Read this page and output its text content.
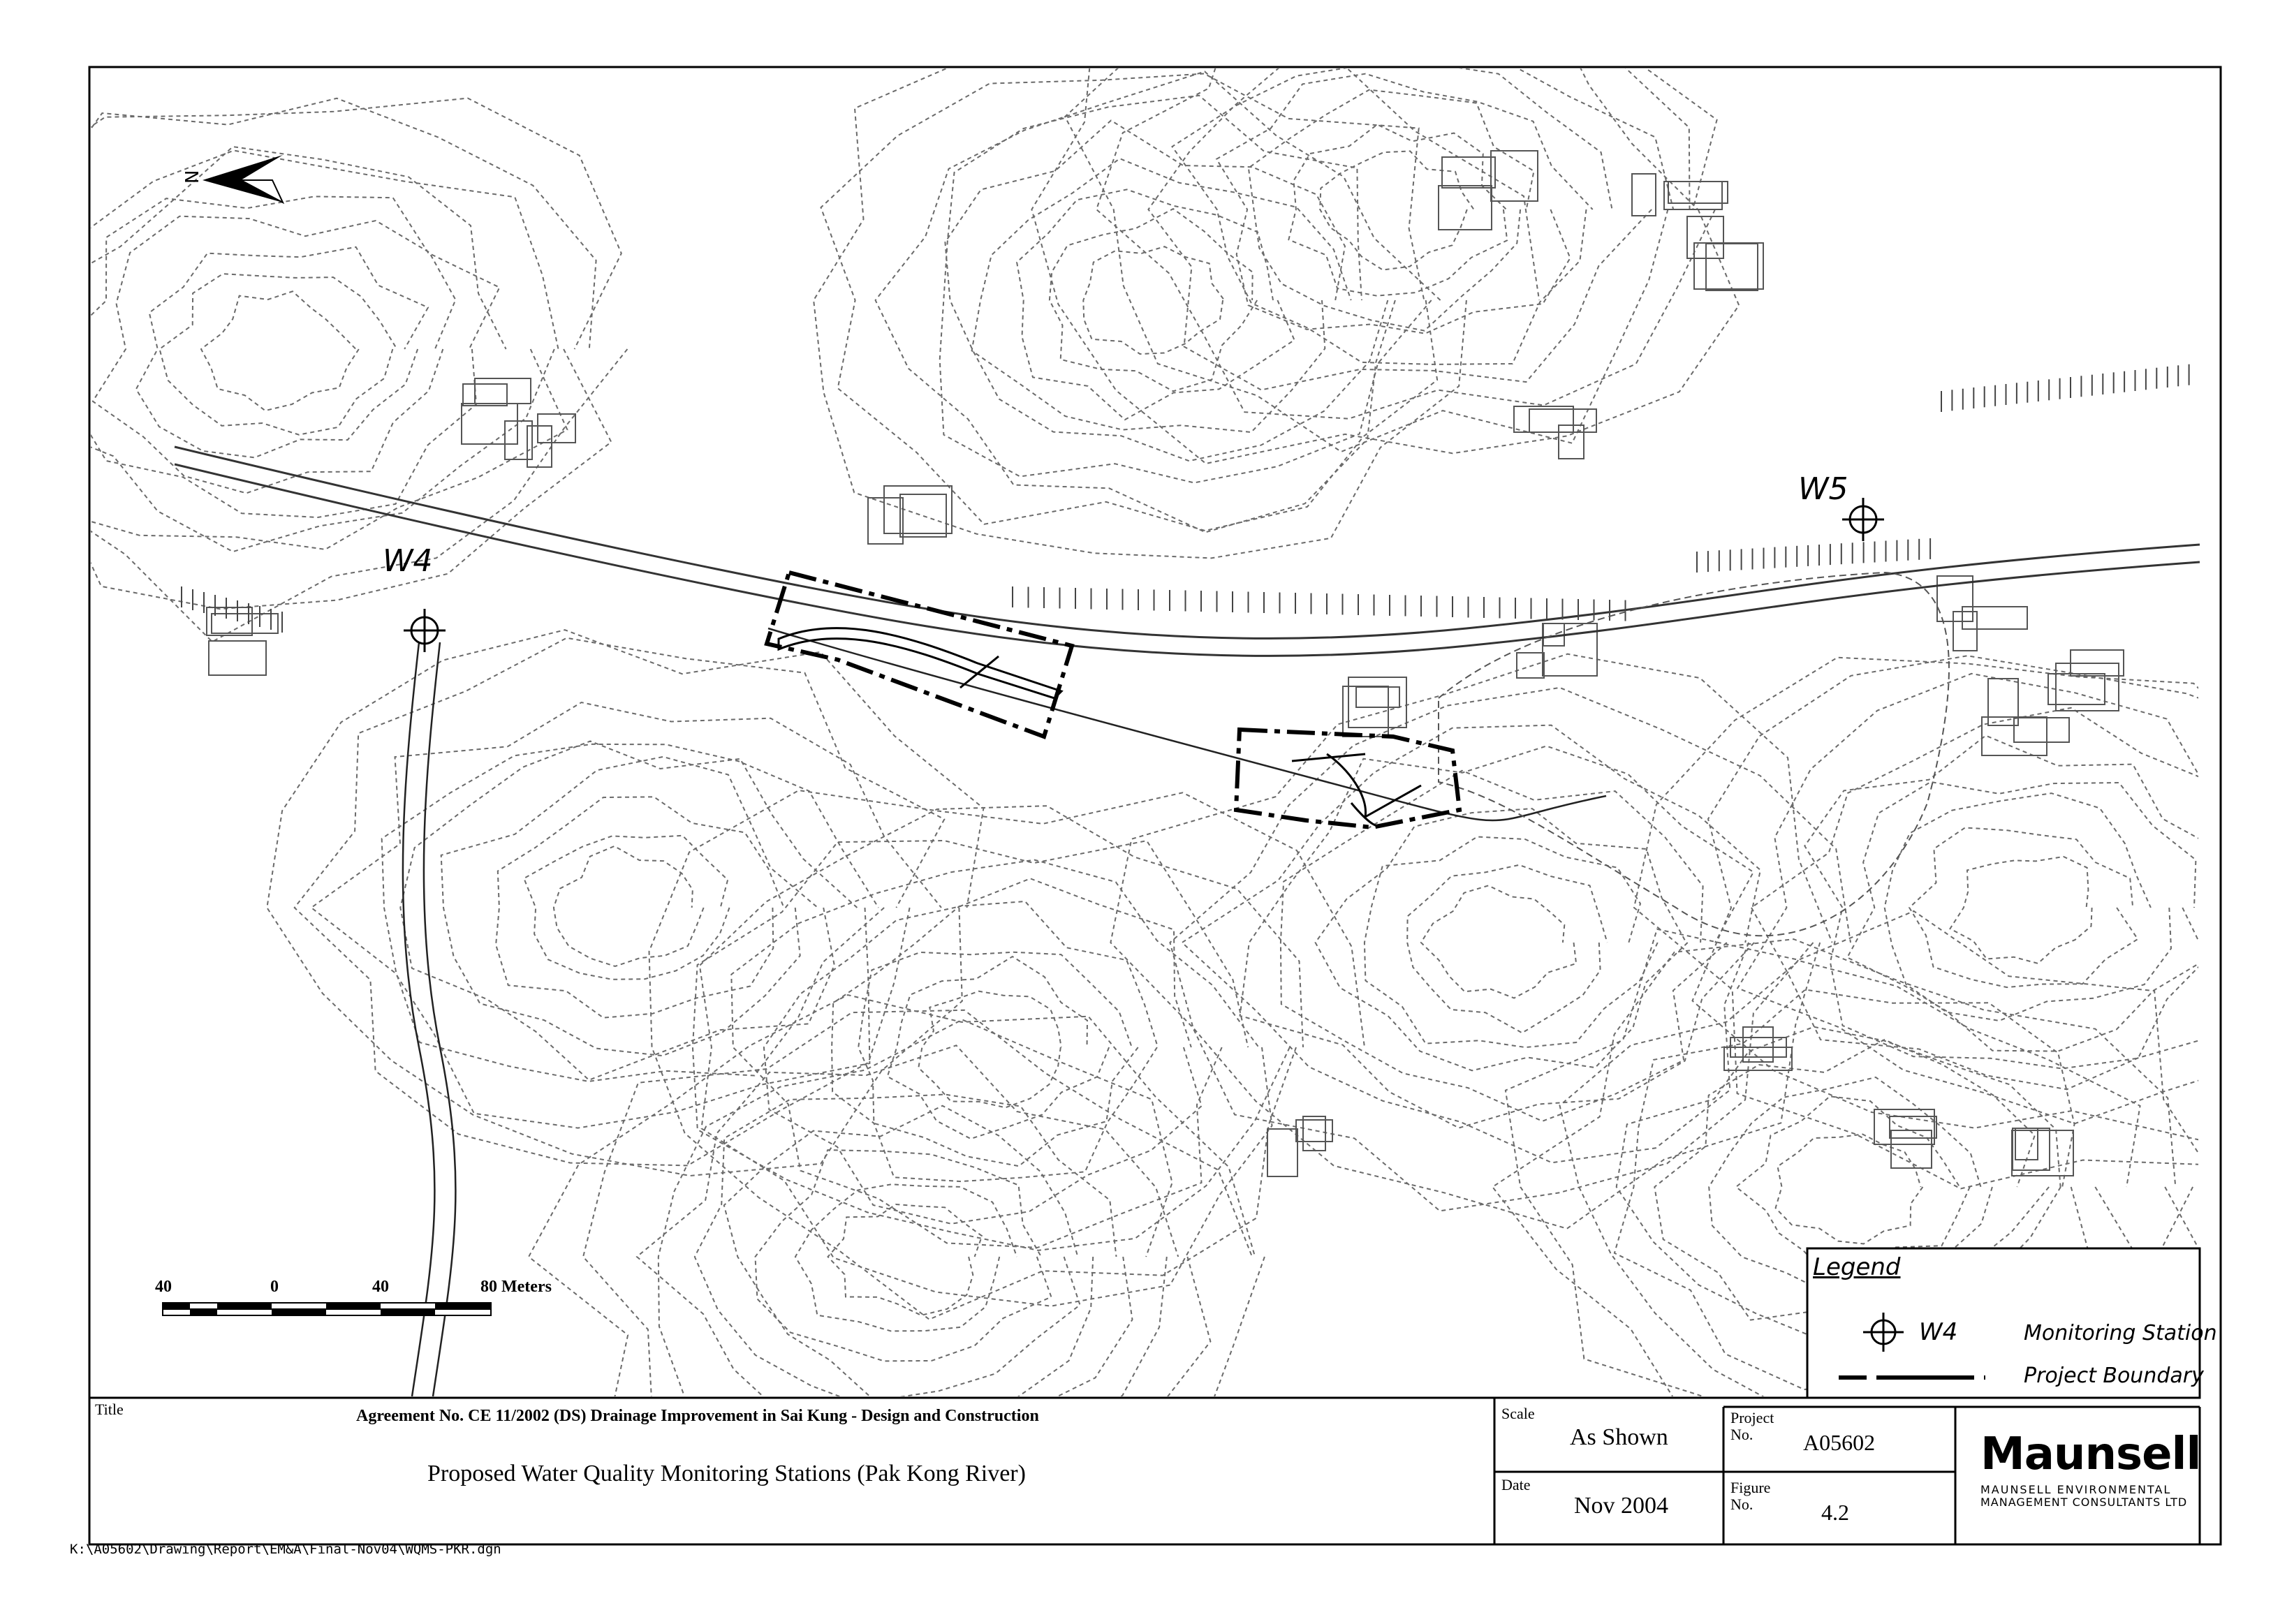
N
W4
W5
40	0	40	80 Meters
Legend
W4	Monitoring Station
Project Boundary
Title	Agreement No. CE 11/2002 (DS) Drainage Improvement in Sai Kung - Design and Construction
Proposed Water Quality Monitoring Stations (Pak Kong River)
Scale
As Shown
Date
Nov 2004
Project
No. A05602
Figure
No.	4.2
Maunsell
MAUNSELL ENVIRONMENTAL
MANAGEMENT CONSULTANTS LTD
K:\A05602\Drawing\Report\EM&A\Final-Nov04\WQMS-PKR.dgn
